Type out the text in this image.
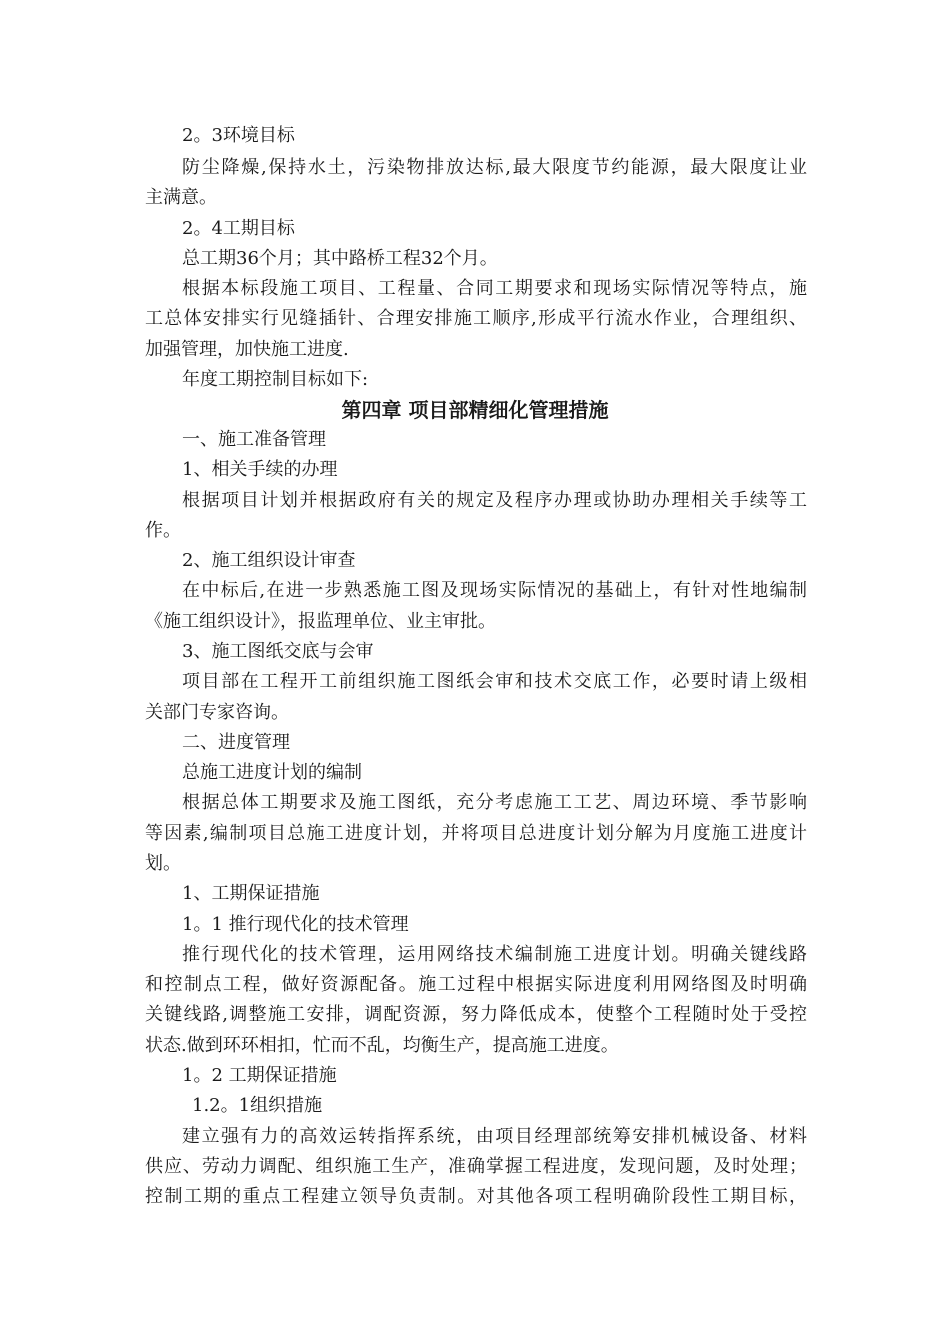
2。3环境目标
防尘降燥,保持水土，污染物排放达标,最大限度节约能源，最大限度让业
主满意。
2。4工期目标
总工期36个月；其中路桥工程32个月。
根据本标段施工项目、工程量、合同工期要求和现场实际情况等特点，施
工总体安排实行见缝插针、合理安排施工顺序,形成平行流水作业，合理组织、
加强管理，加快施工进度.
年度工期控制目标如下:
第四章 项目部精细化管理措施
一、施工准备管理
1、相关手续的办理
根据项目计划并根据政府有关的规定及程序办理或协助办理相关手续等工
作。
2、施工组织设计审查
在中标后,在进一步熟悉施工图及现场实际情况的基础上，有针对性地编制
《施工组织设计》，报监理单位、业主审批。
3、施工图纸交底与会审
项目部在工程开工前组织施工图纸会审和技术交底工作，必要时请上级相
关部门专家咨询。
二、进度管理
总施工进度计划的编制
根据总体工期要求及施工图纸，充分考虑施工工艺、周边环境、季节影响
等因素,编制项目总施工进度计划，并将项目总进度计划分解为月度施工进度计
划。
1、工期保证措施
1。1 推行现代化的技术管理
推行现代化的技术管理，运用网络技术编制施工进度计划。明确关键线路
和控制点工程，做好资源配备。施工过程中根据实际进度利用网络图及时明确
关键线路,调整施工安排，调配资源，努力降低成本，使整个工程随时处于受控
状态.做到环环相扣，忙而不乱，均衡生产，提高施工进度。
1。2 工期保证措施
1.2。1组织措施
建立强有力的高效运转指挥系统，由项目经理部统筹安排机械设备、材料
供应、劳动力调配、组织施工生产，准确掌握工程进度，发现问题，及时处理；
控制工期的重点工程建立领导负责制。对其他各项工程明确阶段性工期目标，
